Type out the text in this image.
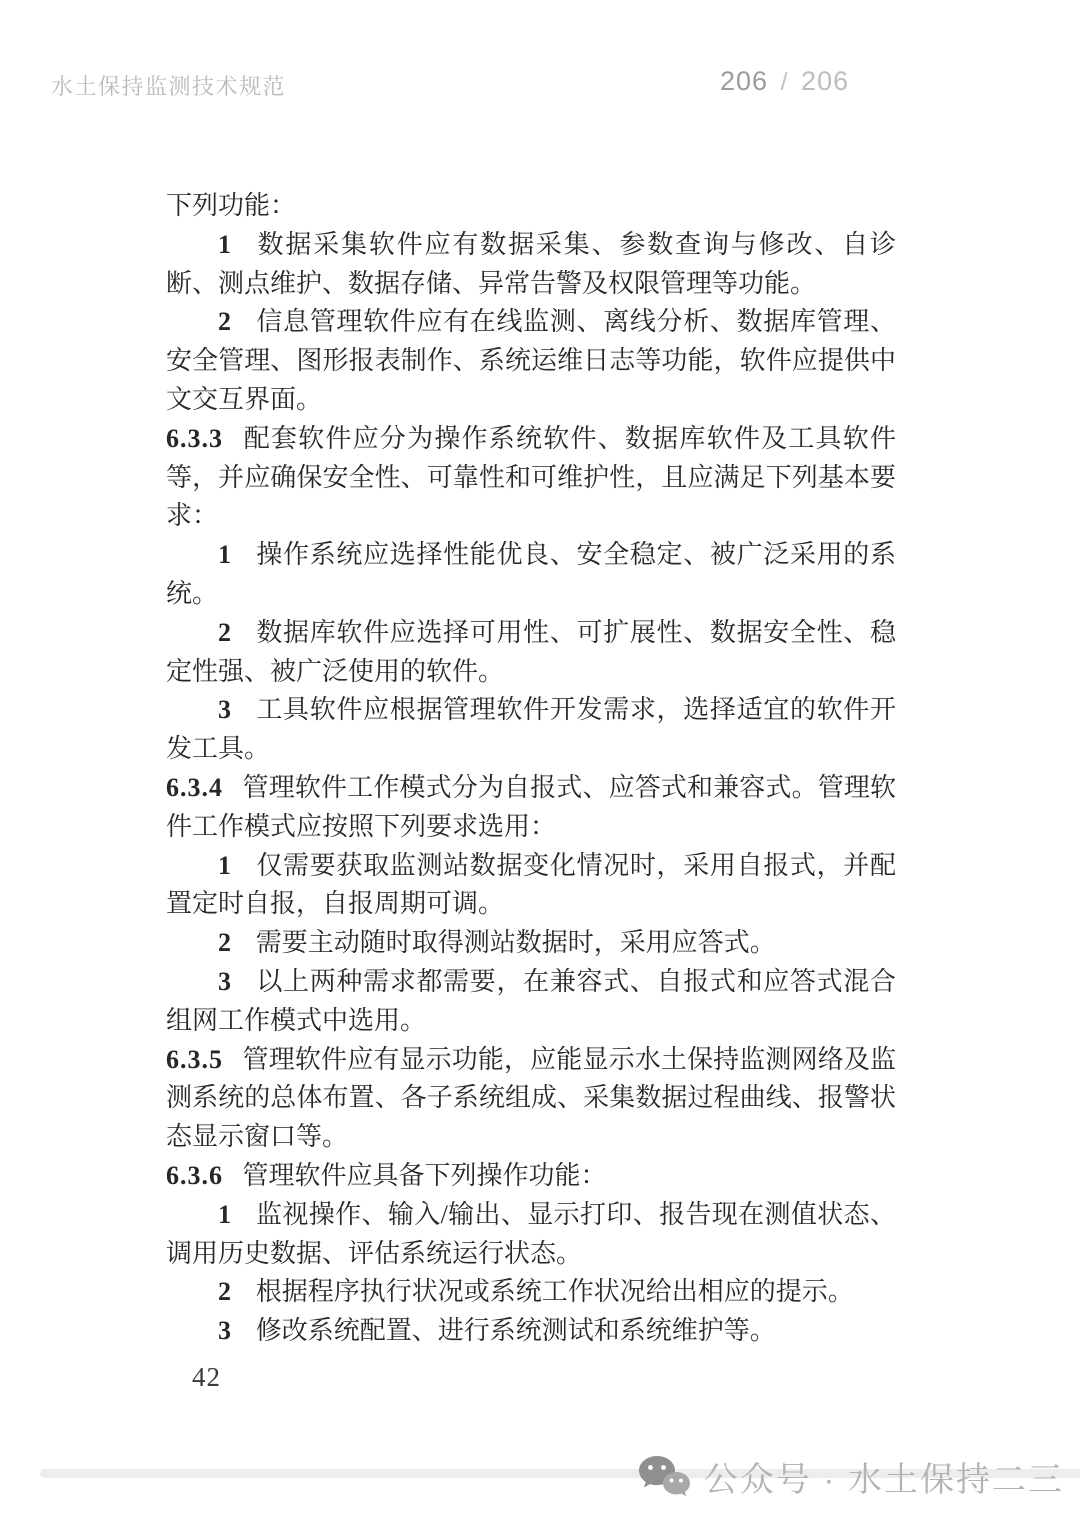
水土保持监测技术规范	206 / 206

下列功能：

1 数据采集软件应有数据采集、参数查询与修改、自诊断、测点维护、数据存储、异常告警及权限管理等功能。

2 信息管理软件应有在线监测、离线分析、数据库管理、安全管理、图形报表制作、系统运维日志等功能，软件应提供中文交互界面。

6.3.3 配套软件应分为操作系统软件、数据库软件及工具软件等，并应确保安全性、可靠性和可维护性，且应满足下列基本要求：

1 操作系统应选择性能优良、安全稳定、被广泛采用的系统。

2 数据库软件应选择可用性、可扩展性、数据安全性、稳定性强、被广泛使用的软件。

3 工具软件应根据管理软件开发需求，选择适宜的软件开发工具。

6.3.4 管理软件工作模式分为自报式、应答式和兼容式。管理软件工作模式应按照下列要求选用：

1 仅需要获取监测站数据变化情况时，采用自报式，并配置定时自报，自报周期可调。

2 需要主动随时取得测站数据时，采用应答式。

3 以上两种需求都需要，在兼容式、自报式和应答式混合组网工作模式中选用。

6.3.5 管理软件应有显示功能，应能显示水土保持监测网络及监测系统的总体布置、各子系统组成、采集数据过程曲线、报警状态显示窗口等。

6.3.6 管理软件应具备下列操作功能：

1 监视操作、输入/输出、显示打印、报告现在测值状态、调用历史数据、评估系统运行状态。

2 根据程序执行状况或系统工作状况给出相应的提示。

3 修改系统配置、进行系统测试和系统维护等。

42
公众号 · 水土保持二三
